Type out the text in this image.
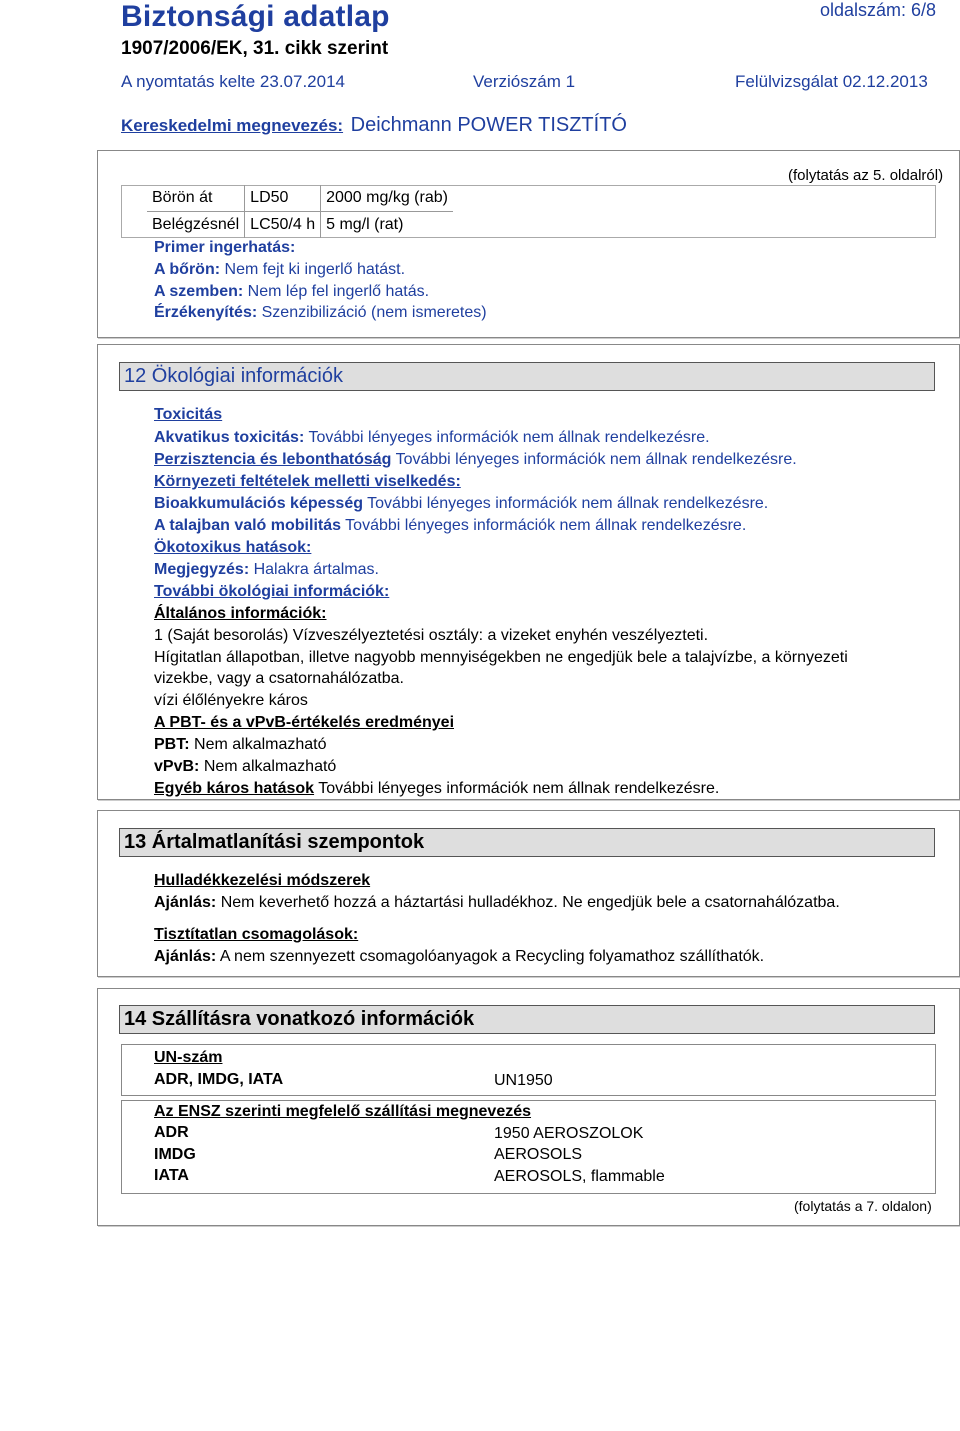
Biztonsági adatlap	oldalszám: 6/8
1907/2006/EK, 31. cikk szerint
A nyomtatás kelte 23.07.2014	Verziószám 1	Felülvizsgálat 02.12.2013
Kereskedelmi megnevezés: Deichmann POWER TISZTÍTÓ
(folytatás az 5. oldalról)
Börön át	LD50	2000 mg/kg (rab)
Belégzésnél	LC50/4 h	5 mg/l (rat)
Primer ingerhatás:
A bőrön: Nem fejt ki ingerlő hatást.
A szemben: Nem lép fel ingerlő hatás.
Érzékenyítés: Szenzibilizáció (nem ismeretes)
12 Ökológiai információk
Toxicitás
Akvatikus toxicitás: További lényeges információk nem állnak rendelkezésre.
Perzisztencia és lebonthatóság További lényeges információk nem állnak rendelkezésre.
Környezeti feltételek melletti viselkedés:
Bioakkumulációs képesség További lényeges információk nem állnak rendelkezésre.
A talajban való mobilitás További lényeges információk nem állnak rendelkezésre.
Ökotoxikus hatások:
Megjegyzés: Halakra ártalmas.
További ökológiai információk:
Általános információk:
1 (Saját besorolás) Vízveszélyeztetési osztály: a vizeket enyhén veszélyezteti.
Hígitatlan állapotban, illetve nagyobb mennyiségekben ne engedjük bele a talajvízbe, a környezeti
vizekbe, vagy a csatornahálózatba.
vízi élőlényekre káros
A PBT- és a vPvB-értékelés eredményei
PBT: Nem alkalmazható
vPvB: Nem alkalmazható
Egyéb káros hatások További lényeges információk nem állnak rendelkezésre.
13 Ártalmatlanítási szempontok
Hulladékkezelési módszerek
Ajánlás: Nem keverhető hozzá a háztartási hulladékhoz. Ne engedjük bele a csatornahálózatba.
Tisztítatlan csomagolások:
Ajánlás: A nem szennyezett csomagolóanyagok a Recycling folyamathoz szállíthatók.
14 Szállításra vonatkozó információk
UN-szám
ADR, IMDG, IATA	UN1950
Az ENSZ szerinti megfelelő szállítási megnevezés
ADR	1950 AEROSZOLOK
IMDG	AEROSOLS
IATA	AEROSOLS, flammable
(folytatás a 7. oldalon)
